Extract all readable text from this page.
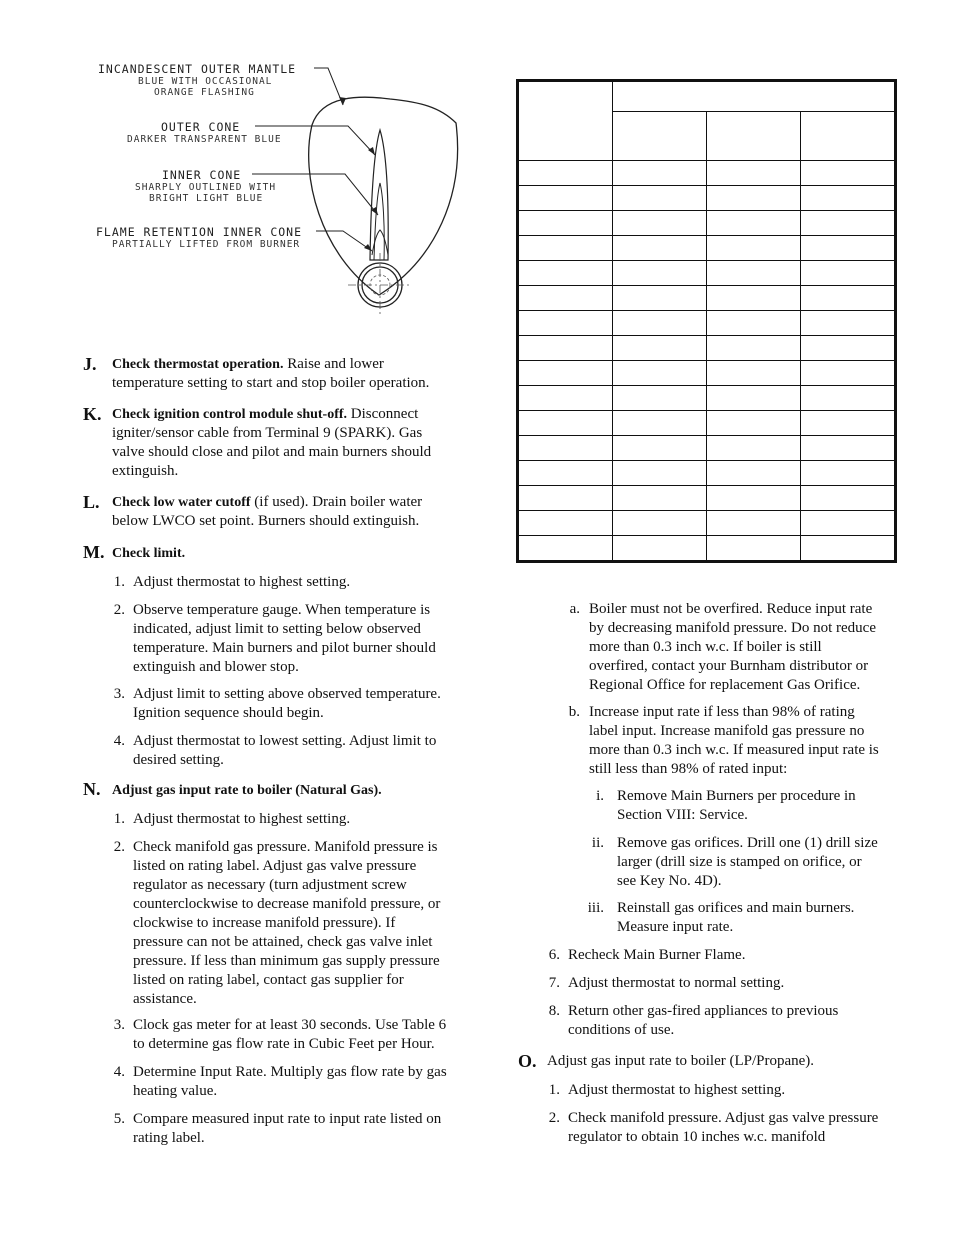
INCANDESCENT OUTER MANTLE
BLUE WITH OCCASIONAL
ORANGE FLASHING
OUTER CONE
DARKER TRANSPARENT BLUE
INNER CONE
SHARPLY OUTLINED WITH
BRIGHT LIGHT BLUE
FLAME RETENTION INNER CONE
PARTIALLY LIFTED FROM BURNER

J. Check thermostat operation. Raise and lower
temperature setting to start and stop boiler operation.
K. Check ignition control module shut-off. Disconnect
igniter/sensor cable from Terminal 9 (SPARK). Gas
valve should close and pilot and main burners should
extinguish.
L. Check low water cutoff (if used). Drain boiler water
below LWCO set point. Burners should extinguish.
M. Check limit.
1. Adjust thermostat to highest setting.
2. Observe temperature gauge. When temperature is
indicated, adjust limit to setting below observed
temperature. Main burners and pilot burner should
extinguish and blower stop.
3. Adjust limit to setting above observed temperature.
Ignition sequence should begin.
4. Adjust thermostat to lowest setting. Adjust limit to
desired setting.
N. Adjust gas input rate to boiler (Natural Gas).
1. Adjust thermostat to highest setting.
2. Check manifold gas pressure. Manifold pressure is
listed on rating label. Adjust gas valve pressure
regulator as necessary (turn adjustment screw
counterclockwise to decrease manifold pressure, or
clockwise to increase manifold pressure). If
pressure can not be attained, check gas valve inlet
pressure. If less than minimum gas supply pressure
listed on rating label, contact gas supplier for
assistance.
3. Clock gas meter for at least 30 seconds. Use Table 6
to determine gas flow rate in Cubic Feet per Hour.
4. Determine Input Rate. Multiply gas flow rate by gas
heating value.
5. Compare measured input rate to input rate listed on
rating label.
a. Boiler must not be overfired. Reduce input rate
by decreasing manifold pressure. Do not reduce
more than 0.3 inch w.c. If boiler is still
overfired, contact your Burnham distributor or
Regional Office for replacement Gas Orifice.
b. Increase input rate if less than 98% of rating
label input. Increase manifold gas pressure no
more than 0.3 inch w.c. If measured input rate is
still less than 98% of rated input:
i. Remove Main Burners per procedure in
Section VIII: Service.
ii. Remove gas orifices. Drill one (1) drill size
larger (drill size is stamped on orifice, or
see Key No. 4D).
iii. Reinstall gas orifices and main burners.
Measure input rate.
6. Recheck Main Burner Flame.
7. Adjust thermostat to normal setting.
8. Return other gas-fired appliances to previous
conditions of use.
O. Adjust gas input rate to boiler (LP/Propane).
1. Adjust thermostat to highest setting.
2. Check manifold pressure. Adjust gas valve pressure
regulator to obtain 10 inches w.c. manifold
